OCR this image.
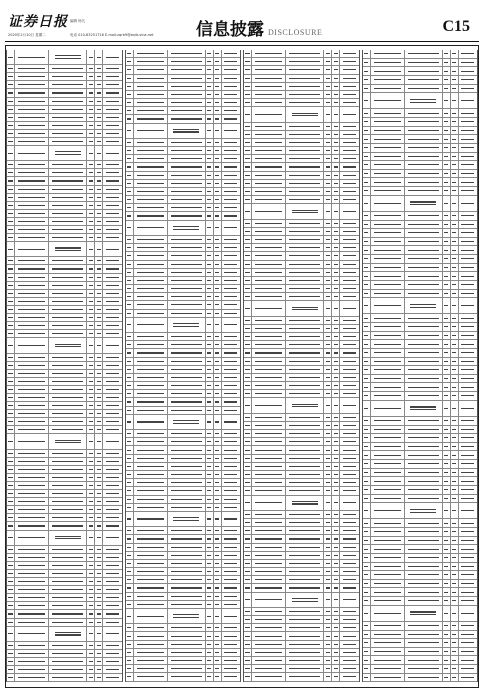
证券日报 编辑 杨凡
2020年2月10日 星期二	电话 010-83251716 E-mail:zqrb9@zqrb.sina.net	信息披露 DISCLOSURE	C15
